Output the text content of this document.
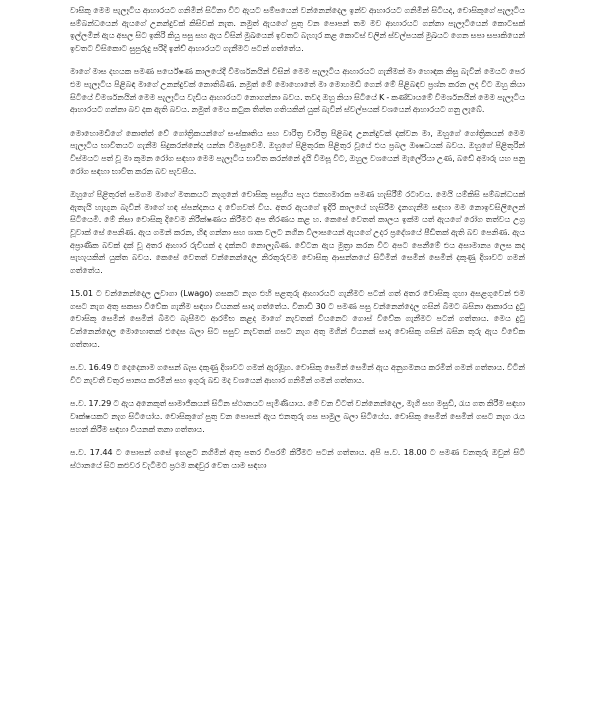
වාසිකු මෙම පැලෑටිය ආහාරයට ගනිමින් සිටිනා විට ඇයට සම්පයෙන් වන්නෙන්දෙල ඉන්ව ආහාරයට ගනිමින් සිටියද, චොසිකුගේ පැලෑටිය සම්බන්ධයෙන් ඇයගේ උනන්දුවක් කිසිවක් නැත. නමුත් ඇයගේ පුතු වන පොපන් තම මව ආහාරයට ගන්නා පැලෑටියෙන් කොටසක් ඉල්ලමින් ඇය අසල සිට ඉකිරි කියු පසු සහ ඇය විසින් මුඛයෙන් ඉවතට බැහැර කළ කොටස් වලින් ස්වල්පයක් මුඛයට ගෙන සපා සපාකියෙන් ඉවතට විසිකොට සුපුරුදු පරිදි ඉන්ච් ආහාරයට ගැනීමට පටන් ගත්තේය.

මාගේ මාස දහයක පමණ පර්යේෂණ කාලයේදී විමර්ශනයින් විසින් මෙම පැලෑටිය ආහාරයට ගැනීමක් මා හොඳක කිසු බැවින් මෙයට පෙර එම පැලෑටිය පිළිබඳ මාගේ උනන්දුවක් නොතිබිණ. නමුත් මේ මොහොතේ මා මොහමඩි ගෙන් මේ පිළිබඳව ප්‍රශ්න කරන ලද විට ඔහු කියා සිටියේ විමර්ශනයින් මෙම පැලෑටිය වැඩිය ආහාරයට නොගන්නා බවය. තවද ඔහු කියා සිටියේ K - කණ්ඩායමේ විමර්ශනයින් මෙම පැලෑටිය ආහාරයට ගන්නා බව දක ඇති බවය. නමුත් මෙය කටුක තිත්ත ගතියකින් යුක් බැවින් ස්වල්පයක් වශයෙන් ආහාරයට ගනු ලැබේ.

මොහොමඩිගේ කොත්ත් වේ ගෝත්‍රිකයන්ගේ සංස්කෘතිය සහ වාරිත්‍ර වාරිත්‍ර පිළිබඳ උනන්දුවක් දක්වන මා, ඔහුගේ ගෝත්‍රිකයන් මෙම පැලෑටිය භාවිතයට ගැනීම සිදුකරන්නේද යන්න විමසුවෙමි. ඔහුගේ පිළිතුරක පිළිතුර වූයේ එය ප්‍රබල ඖෂධයක් බවය. ඔහුගේ පිළිතුරින් විස්මයට පත් වූ මා කුමන රෝග සඳහා මෙම පැලෑටිය භාවිත කරන්නේ දැයි විමසූ විට, ඔහුල වශයෙන් මැලේරියා උණ, බඩේ අමාරු යහ පනු රෝග සඳහා භාවිත කරන බව පැවසීය.

ඔහුගේ පිළිතුරත් සමගම මාගේ මතකයට නැගුනේ චොසිකු පසුගිය පැය එකහමාරක පමණ හැසිරීම් රටාවය. මෙයි යම්කිසි සම්බන්ධයක් ඇතැයි හැඟුන බැවින් මාගේ හඳ ස්පන්දනය ද වේගවත් විය. අතර ඇයගේ ඉදිරි කාලයේ හැසිරීම දැනගැනීම සඳහා මම නොඉවසිලිලෙන් සිටියෙමි. මේ නිසා චොසිකු දිවෙම නිරීක්ෂණය කිරීමට අප තීරණය කළ හ. කෙසේ වෙතත් කාලය ඉක්ම යත් ඇයගේ රෝග තත්වය උග්‍ර වූවාක් සේ පෙනිණ. ඇය ගමන් කරන, හිඳ ගන්නා සහ ශාක වලට නගින විලාසයෙන් ඇයගේ උදර ප්‍රදේශයේ පීඩිතක් ඇති බව පෙනිණ. ඇය අප්‍රාණික බවක් දක් වූ අතර ආහාර රුචියක් ද දක්නට නොලැබිණ. වේටන ඇය මුත්‍රා කරන විට අපට පෙනීමේ එය අසාමාන්‍ය ලෙස කද පැහැයකින් යුක්ත බවය. කෙසේ වෙතත් වන්නෙන්දෙල නිරතුරුවම චොසිකු ආසන්නයේ සිටිමින් සෙමින් සෙමින් දකුණු දිශාවට ගමන් ගත්තේය.

15.01 ට වන්නෙන්දෙල ලුවාගා (Lwago) ගසකට නැග එහි පළතුරු ආහාරයට ගැනීමට පටන් ගත් අතර චොසිකු ගුහා අසළගුවෙන් එම ගසට නැග අතු සකසා විවේක ගැනීම සඳහා වියනක් සාදා ගත්තේය. විනාඩි 30 ට පමණ පසු වන්නෙන්දෙල ගසින් බිමට බසිනා ආකාරය දුටු චොසිකු සෙමින් සෙමින් බිමට බැසීමට ආරම්භ කළද මාගේ නැවතක් වියනෙට ගොස් විවේක ගැනීමට පටන් ගත්තාය. මෙය දුටු වන්නෙන්දෙල මොහොතක් එදෙස බලා සිට පසුව නැවතක් ගසට නැග අතු මගින් වියනක් සාදා චොසිකු ගසින් බසින තුරු ඇය විවේක ගත්තාය.

ප.ව. 16.49 ට දෙදෙනාම ගසෙන් බැස දකුණු දිශාවට ගමන් ඇරඹූහ. චොසිකු සෙමින් සෙමින් ඇය අනුගමනය කරමින් ගමන් ගත්තාය. විටින් විට නැවතී වතුර පානය කරමින් සහ ඉගුරු බඩ මද වශයෙන් ආහාර ගනිමින් ගමන් ගත්තාය.

ප.ව. 17.29 ට ඇය අනෙකුත් සාමාජිකයන් සිටින ස්ථානයට පැමිණියාය. මේ වන විටත් වන්නෙන්දෙල, මැගි සහ මසුඩි, රැය ගත කිරීම සඳහා වෘක්ෂයකට නැග සිටියෝය. චොසිකුගේ පුතු වන පොපන් ඇය එනතුරු ගස පාමුල බලා සිටියේය. චොසිකු සෙමින් සෙමින් ගසට නැග රැය පහන් කිරීම සඳහා වියනක් තනා ගත්තාය.

ප.ව. 17.44 ට පොපන් ගසේ ඉහළට නගිමින් අතු පතර විපරම් කිරීමට පටන් ගත්තාය. අපි ප.ව. 18.00 ට පමණ වනතුරු ඔවුන් සිටි ස්ථානයේ සිට කළුවර වැටීමට ප්‍රථම කඳවුර වෙත යාම සඳහා
